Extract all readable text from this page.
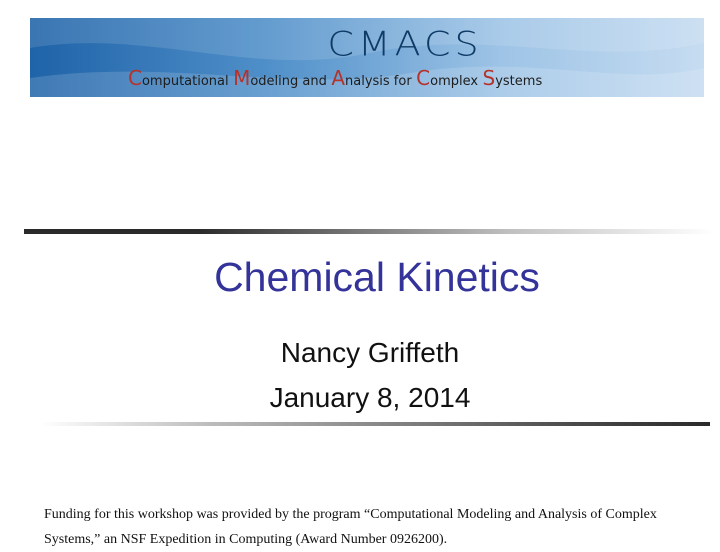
CMACS
Computational Modeling and Analysis for Complex Systems
Chemical Kinetics
Nancy Griffeth
January 8, 2014
Funding for this workshop was provided by the program “Computational Modeling and Analysis of Complex Systems,” an NSF Expedition in Computing (Award Number 0926200).
